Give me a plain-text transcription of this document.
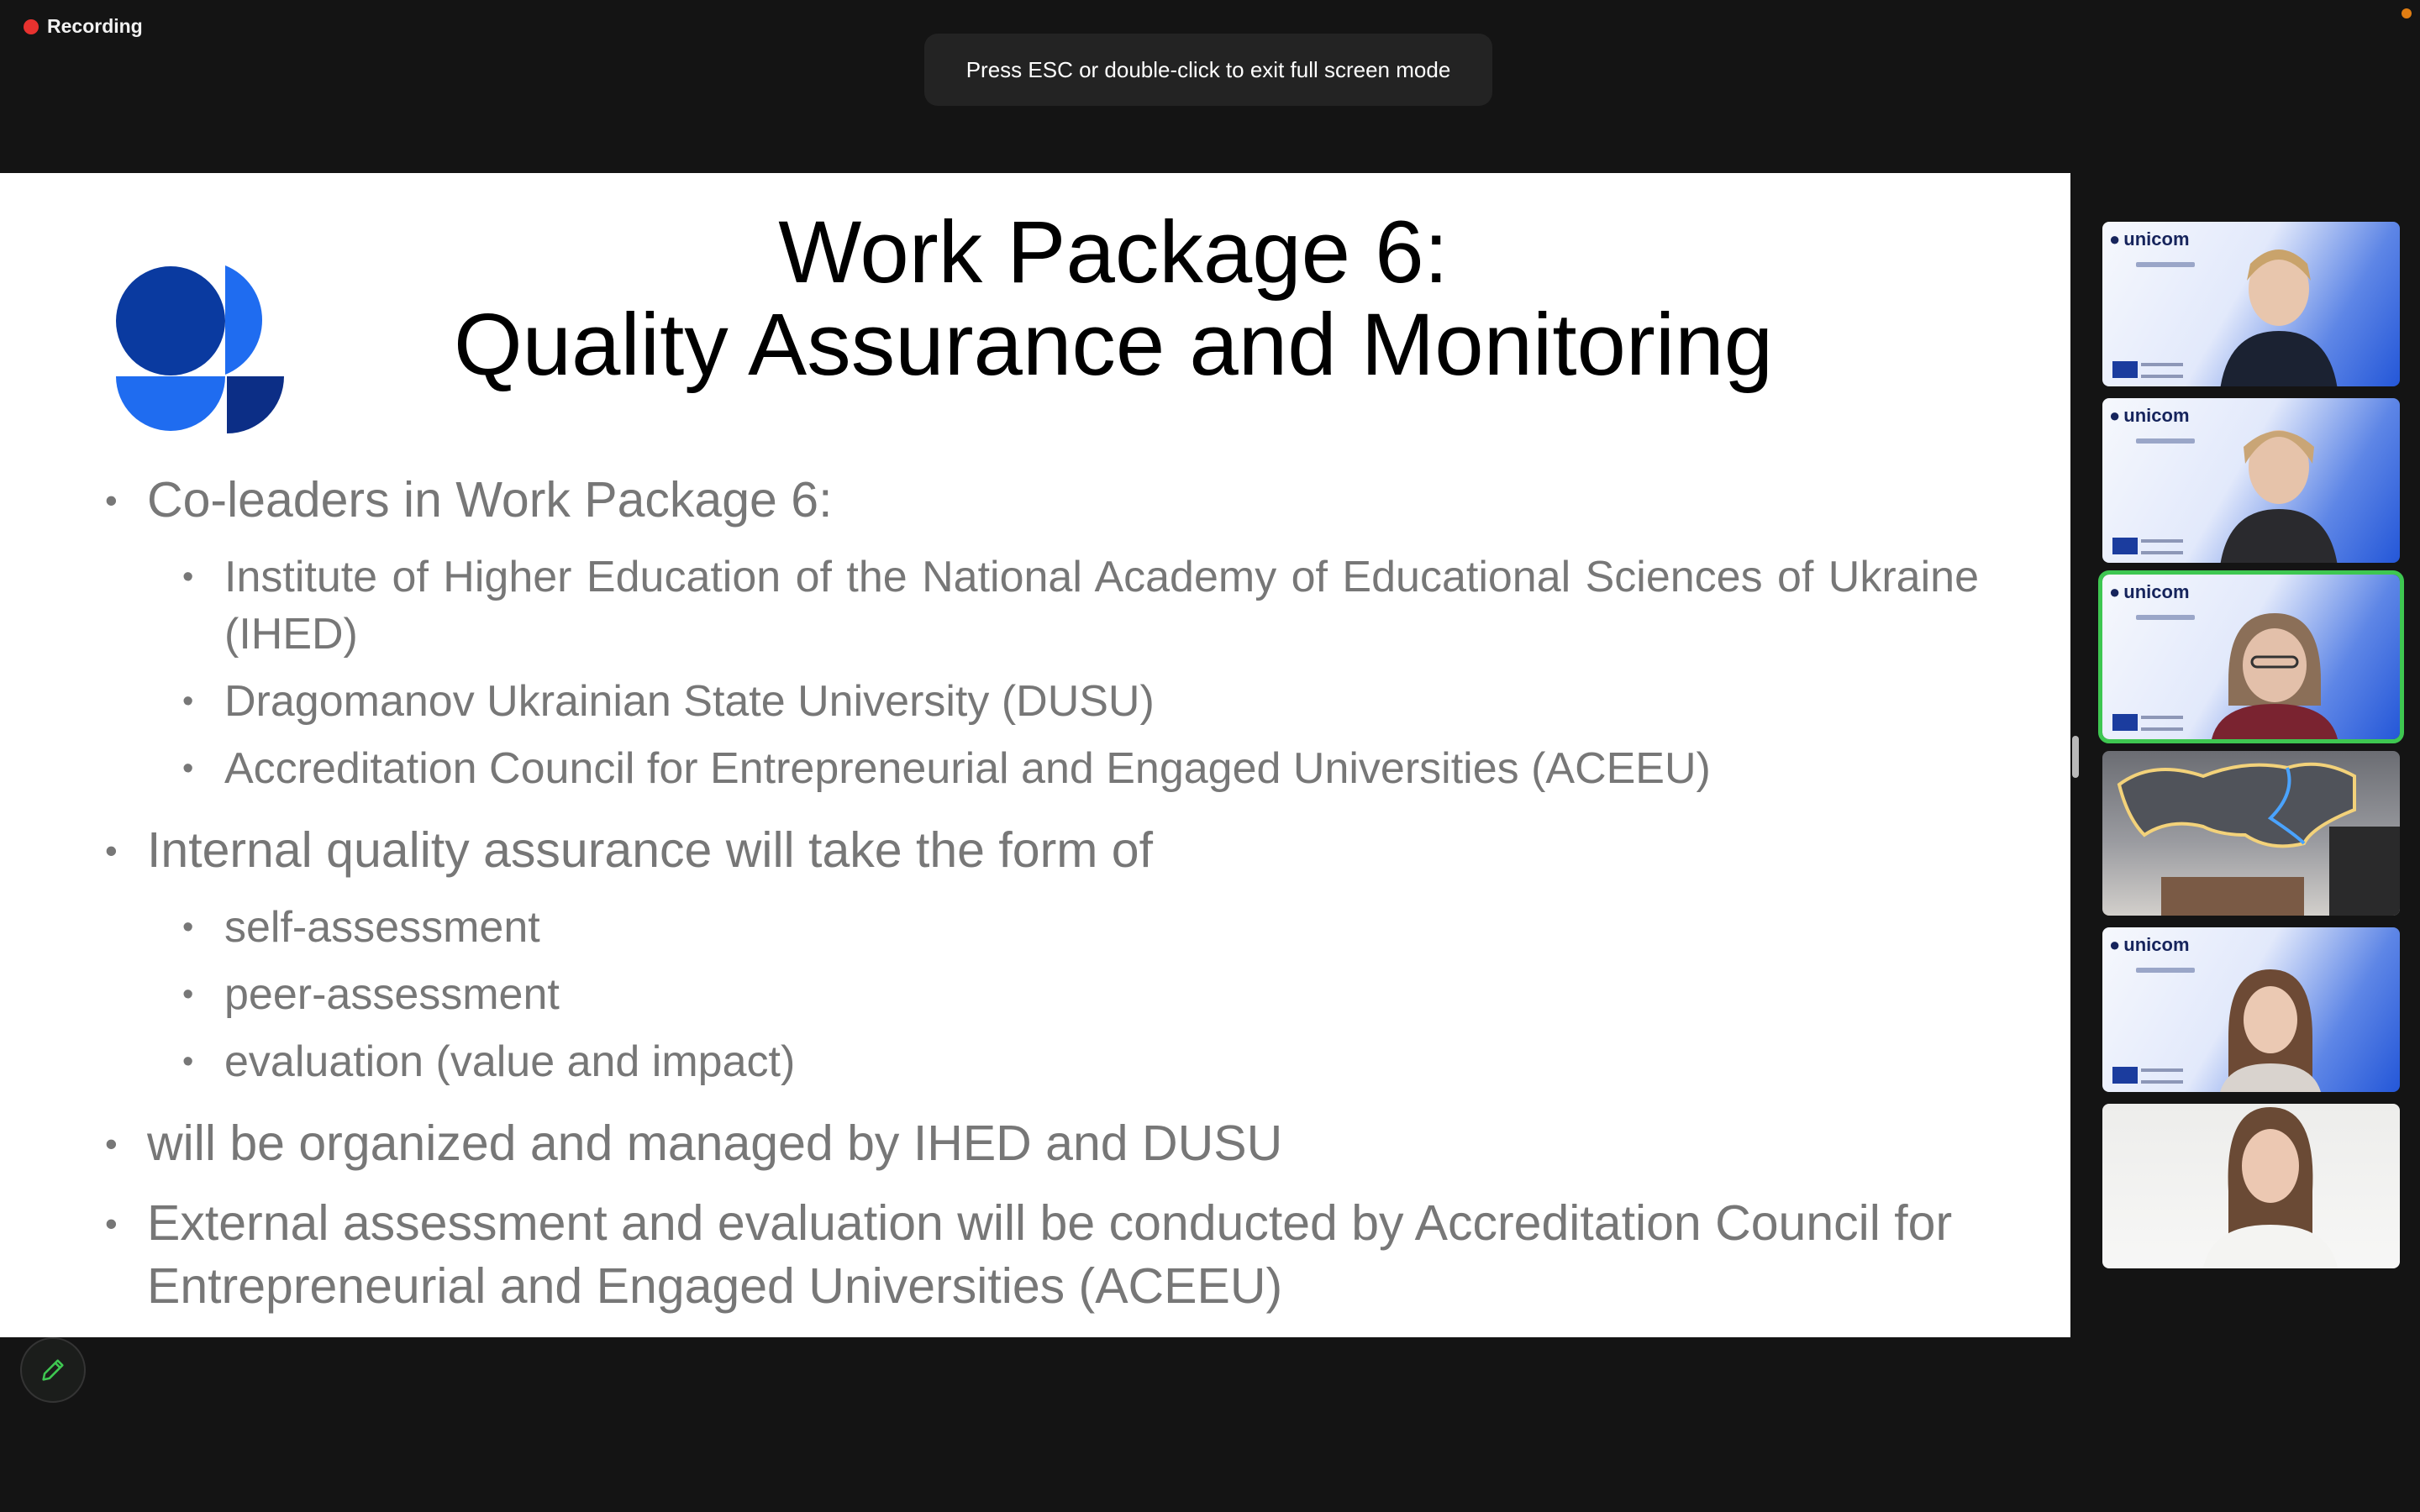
Recording
Press ESC or double-click to exit full screen mode
Work Package 6:
Quality Assurance and Monitoring
• Co-leaders in Work Package 6:
• Institute of Higher Education of the National Academy of Educational Sciences of Ukraine (IHED)
• Dragomanov Ukrainian State University (DUSU)
• Accreditation Council for Entrepreneurial and Engaged Universities (ACEEU)
• Internal quality assurance will take the form of
• self-assessment
• peer-assessment
• evaluation (value and impact)
• will be organized and managed by IHED and DUSU
• External assessment and evaluation will be conducted by Accreditation Council for Entrepreneurial and Engaged Universities (ACEEU)
● unicom
● unicom
● unicom
● unicom
